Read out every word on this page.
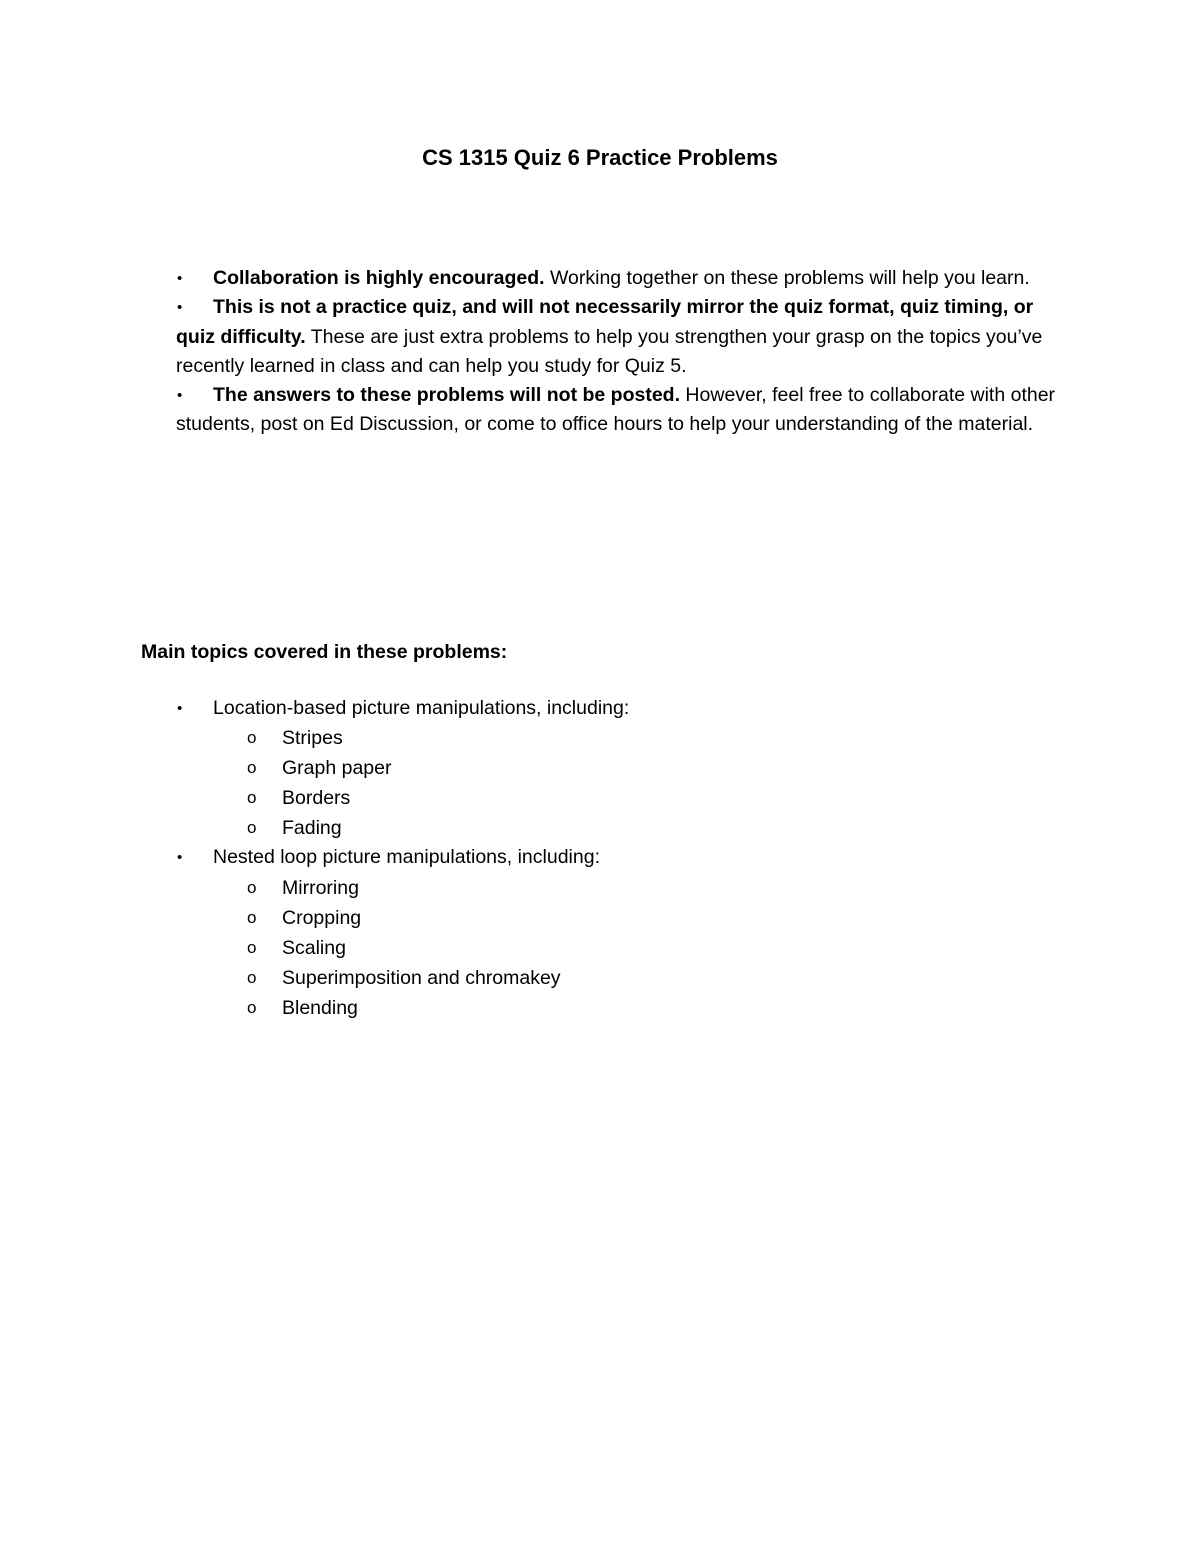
CS 1315 Quiz 6 Practice Problems
• Collaboration is highly encouraged. Working together on these problems will help you learn.
• This is not a practice quiz, and will not necessarily mirror the quiz format, quiz timing, or quiz difficulty. These are just extra problems to help you strengthen your grasp on the topics you’ve recently learned in class and can help you study for Quiz 5.
• The answers to these problems will not be posted. However, feel free to collaborate with other students, post on Ed Discussion, or come to office hours to help your understanding of the material.

Main topics covered in these problems:

• Location-based picture manipulations, including:
o Stripes
o Graph paper
o Borders
o Fading
• Nested loop picture manipulations, including:
o Mirroring
o Cropping
o Scaling
o Superimposition and chromakey
o Blending
